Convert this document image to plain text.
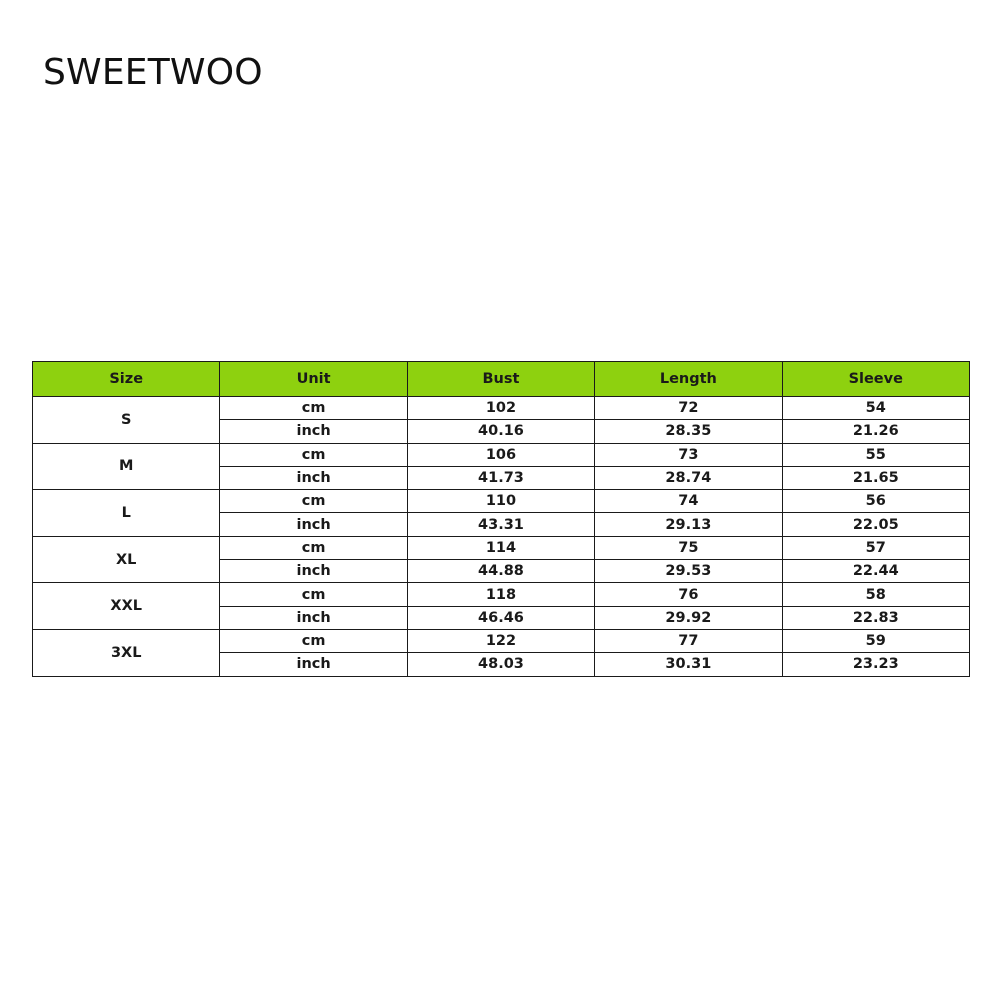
SWEETWOO
Size	Unit	Bust	Length	Sleeve
S	cm	102	72	54
	inch	40.16	28.35	21.26
M	cm	106	73	55
	inch	41.73	28.74	21.65
L	cm	110	74	56
	inch	43.31	29.13	22.05
XL	cm	114	75	57
	inch	44.88	29.53	22.44
XXL	cm	118	76	58
	inch	46.46	29.92	22.83
3XL	cm	122	77	59
	inch	48.03	30.31	23.23
